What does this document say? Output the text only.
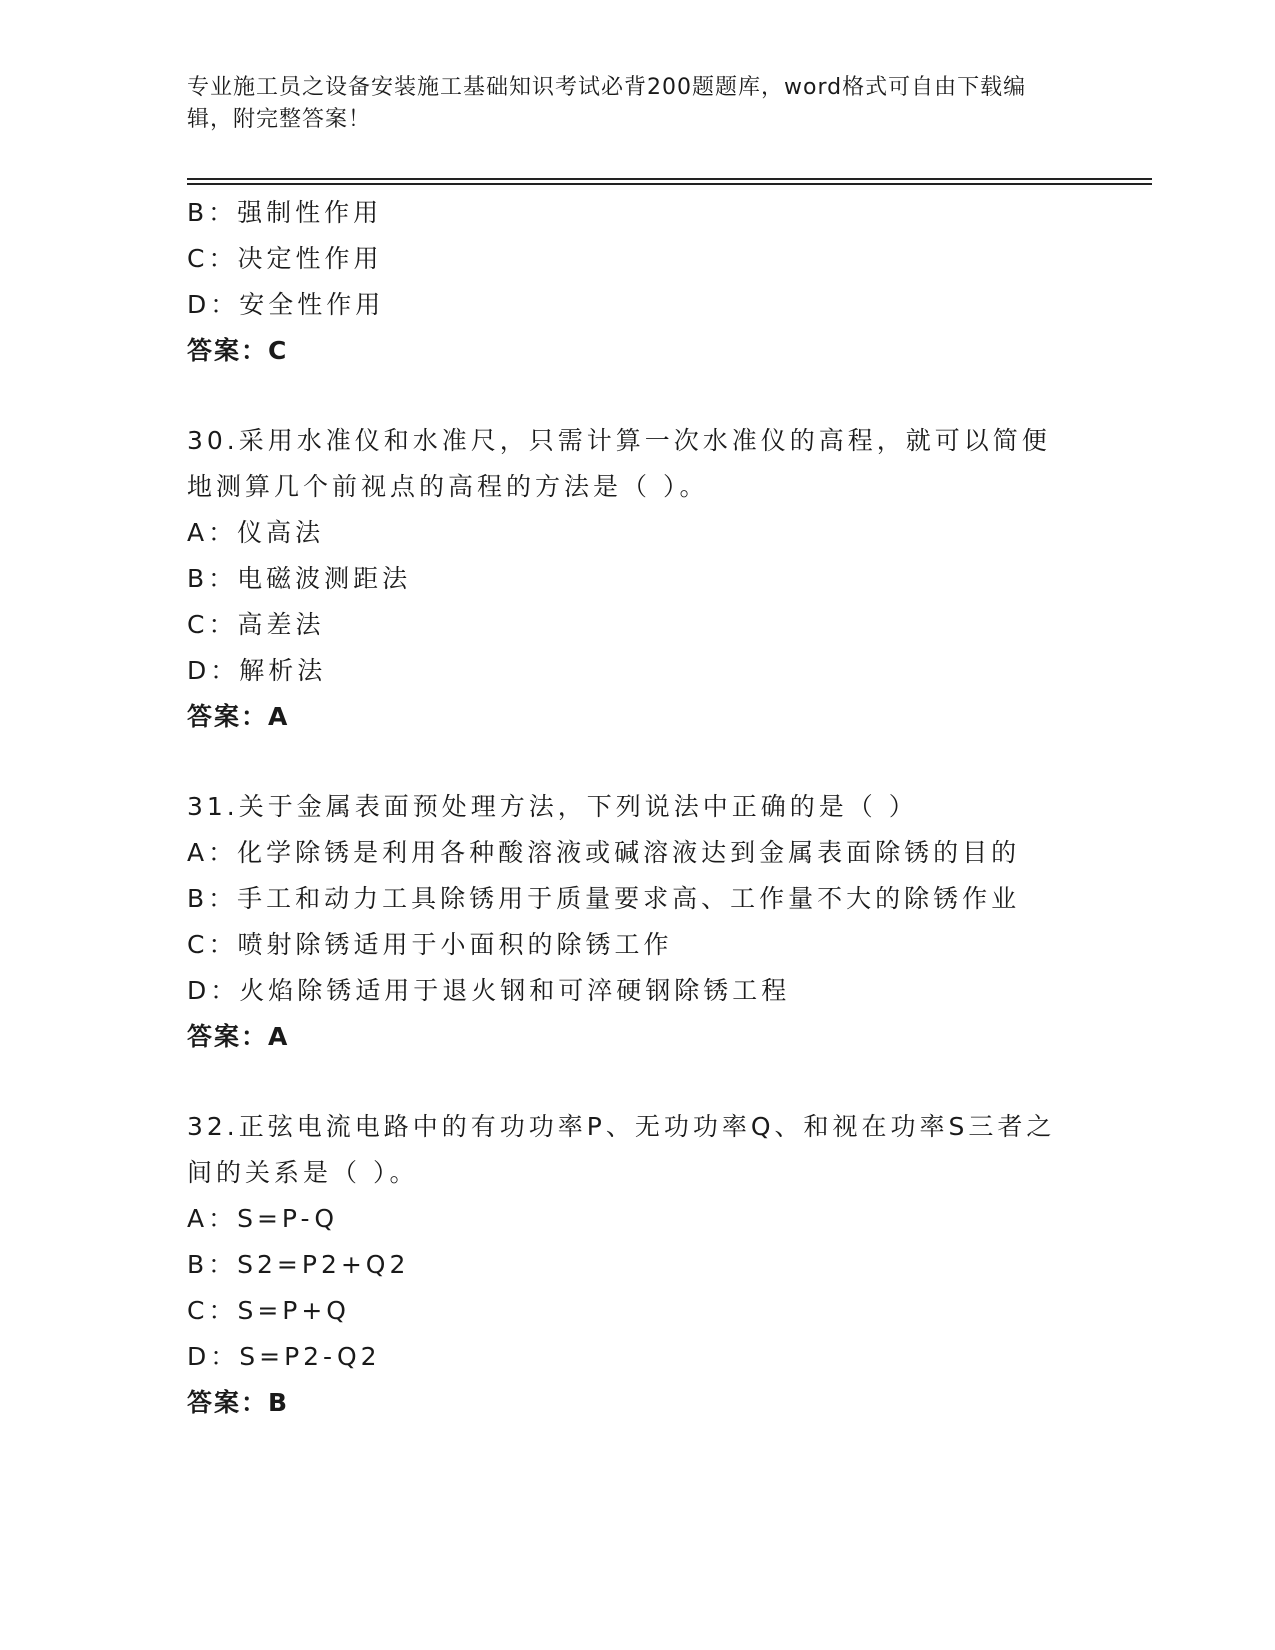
专业施工员之设备安装施工基础知识考试必背200题题库，word格式可自由下载编辑，附完整答案！
B：强制性作用
C：决定性作用
D：安全性作用
答案：C
30.采用水准仪和水准尺，只需计算一次水准仪的高程，就可以简便地测算几个前视点的高程的方法是（ ）。
A：仪高法
B：电磁波测距法
C：高差法
D：解析法
答案：A
31.关于金属表面预处理方法，下列说法中正确的是（ ）
A：化学除锈是利用各种酸溶液或碱溶液达到金属表面除锈的目的
B：手工和动力工具除锈用于质量要求高、工作量不大的除锈作业
C：喷射除锈适用于小面积的除锈工作
D：火焰除锈适用于退火钢和可淬硬钢除锈工程
答案：A
32.正弦电流电路中的有功功率P、无功功率Q、和视在功率S三者之间的关系是（ ）。
A：S=P-Q
B：S2=P2+Q2
C：S=P+Q
D：S=P2-Q2
答案：B
